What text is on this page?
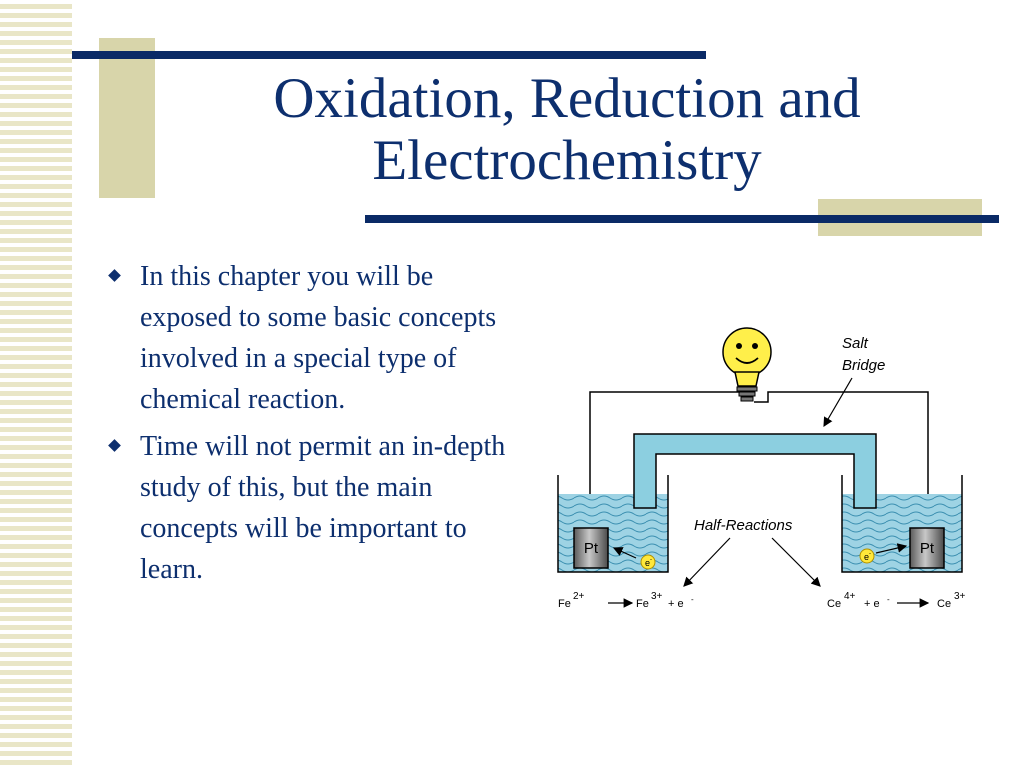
Oxidation, Reduction and
Electrochemistry
In this chapter you will be exposed to some basic concepts involved in a special type of chemical reaction.
Time will not permit an in-depth study of this, but the main concepts will be important to learn.
Pt	Pt
e -	e -
Salt
Bridge
Half-Reactions
Fe
2+
Fe
3+
+ e -	Ce
4+
+ e -	Ce
3+
